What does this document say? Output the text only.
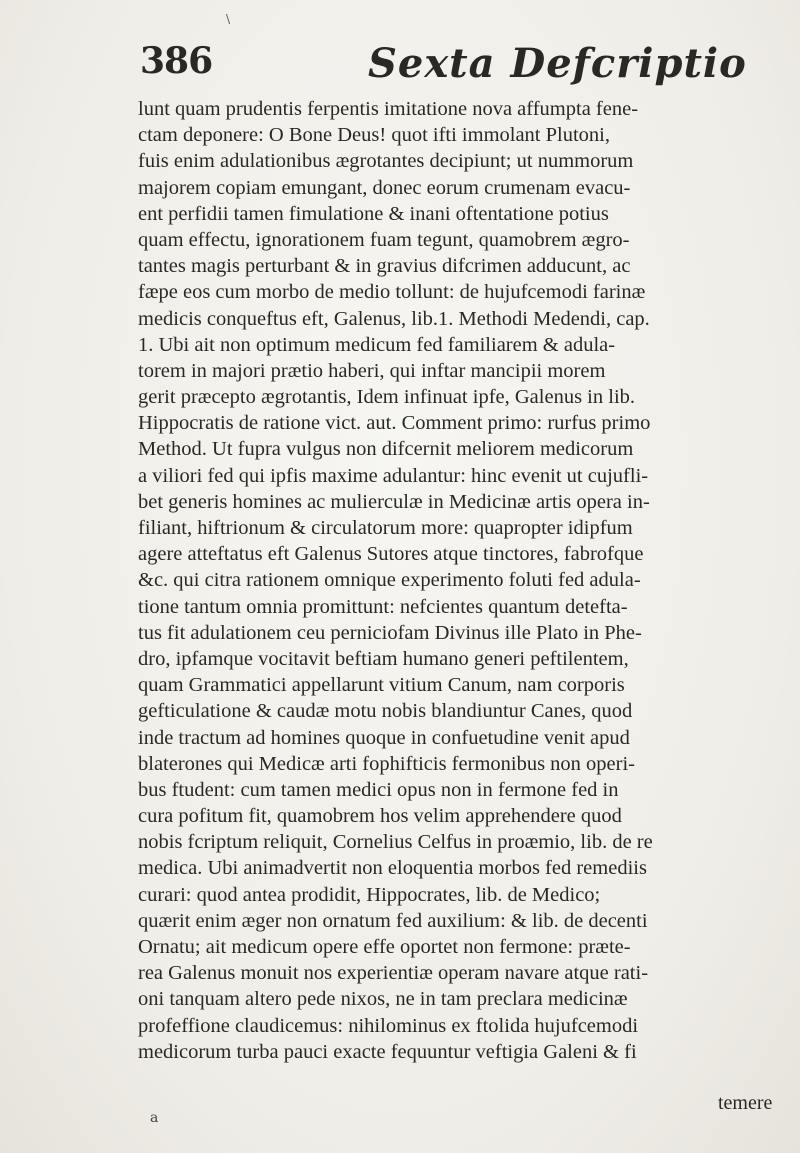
\
386	Sexta Defcriptio
lunt quam prudentis ferpentis imitatione nova affumpta fene-
ctam deponere: O Bone Deus! quot ifti immolant Plutoni,
fuis enim adulationibus ægrotantes decipiunt; ut nummorum
majorem copiam emungant, donec eorum crumenam evacu-
ent perfidii tamen fimulatione & inani oftentatione potius
quam effectu, ignorationem fuam tegunt, quamobrem ægro-
tantes magis perturbant & in gravius difcrimen adducunt, ac
fæpe eos cum morbo de medio tollunt: de hujufcemodi farinæ
medicis conqueftus eft, Galenus, lib.1. Methodi Medendi, cap.
1. Ubi ait non optimum medicum fed familiarem & adula-
torem in majori prætio haberi, qui inftar mancipii morem
gerit præcepto ægrotantis, Idem infinuat ipfe, Galenus in lib.
Hippocratis de ratione vict. aut. Comment primo: rurfus primo
Method. Ut fupra vulgus non difcernit meliorem medicorum
a viliori fed qui ipfis maxime adulantur: hinc evenit ut cujufli-
bet generis homines ac mulierculæ in Medicinæ artis opera in-
filiant, hiftrionum & circulatorum more: quapropter idipfum
agere atteftatus eft Galenus Sutores atque tinctores, fabrofque
&c. qui citra rationem omnique experimento foluti fed adula-
tione tantum omnia promittunt: nefcientes quantum detefta-
tus fit adulationem ceu perniciofam Divinus ille Plato in Phe-
dro, ipfamque vocitavit beftiam humano generi peftilentem,
quam Grammatici appellarunt vitium Canum, nam corporis
gefticulatione & caudæ motu nobis blandiuntur Canes, quod
inde tractum ad homines quoque in confuetudine venit apud
blaterones qui Medicæ arti fophifticis fermonibus non operi-
bus ftudent: cum tamen medici opus non in fermone fed in
cura pofitum fit, quamobrem hos velim apprehendere quod
nobis fcriptum reliquit, Cornelius Celfus in proæmio, lib. de re
medica. Ubi animadvertit non eloquentia morbos fed remediis
curari: quod antea prodidit, Hippocrates, lib. de Medico;
quærit enim æger non ornatum fed auxilium: & lib. de decenti
Ornatu; ait medicum opere effe oportet non fermone: præte-
rea Galenus monuit nos experientiæ operam navare atque rati-
oni tanquam altero pede nixos, ne in tam preclara medicinæ
profeffione claudicemus: nihilominus ex ftolida hujufcemodi
medicorum turba pauci exacte fequuntur veftigia Galeni & fi
temere
a
